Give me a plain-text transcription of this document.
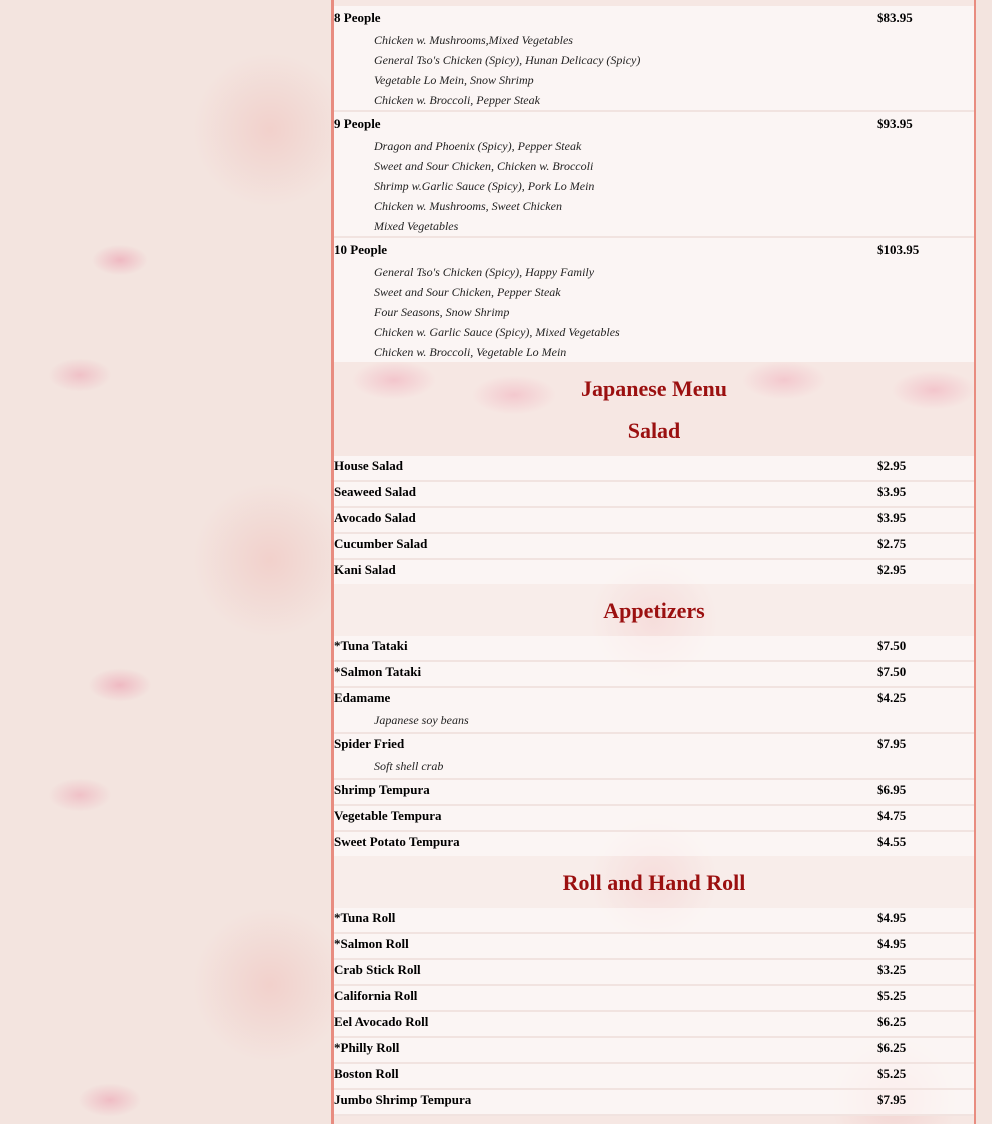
8 People	$83.95
Chicken w. Mushrooms,Mixed Vegetables
General Tso's Chicken (Spicy), Hunan Delicacy (Spicy)
Vegetable Lo Mein, Snow Shrimp
Chicken w. Broccoli, Pepper Steak
9 People	$93.95
Dragon and Phoenix (Spicy), Pepper Steak
Sweet and Sour Chicken, Chicken w. Broccoli
Shrimp w.Garlic Sauce (Spicy), Pork Lo Mein
Chicken w. Mushrooms, Sweet Chicken
Mixed Vegetables
10 People	$103.95
General Tso's Chicken (Spicy), Happy Family
Sweet and Sour Chicken, Pepper Steak
Four Seasons, Snow Shrimp
Chicken w. Garlic Sauce (Spicy), Mixed Vegetables
Chicken w. Broccoli, Vegetable Lo Mein
Japanese Menu
Salad
House Salad	$2.95
Seaweed Salad	$3.95
Avocado Salad	$3.95
Cucumber Salad	$2.75
Kani Salad	$2.95
Appetizers
*Tuna Tataki	$7.50
*Salmon Tataki	$7.50
Edamame	$4.25
Japanese soy beans
Spider Fried	$7.95
Soft shell crab
Shrimp Tempura	$6.95
Vegetable Tempura	$4.75
Sweet Potato Tempura	$4.55
Roll and Hand Roll
*Tuna Roll	$4.95
*Salmon Roll	$4.95
Crab Stick Roll	$3.25
California Roll	$5.25
Eel Avocado Roll	$6.25
*Philly Roll	$6.25
Boston Roll	$5.25
Jumbo Shrimp Tempura	$7.95
